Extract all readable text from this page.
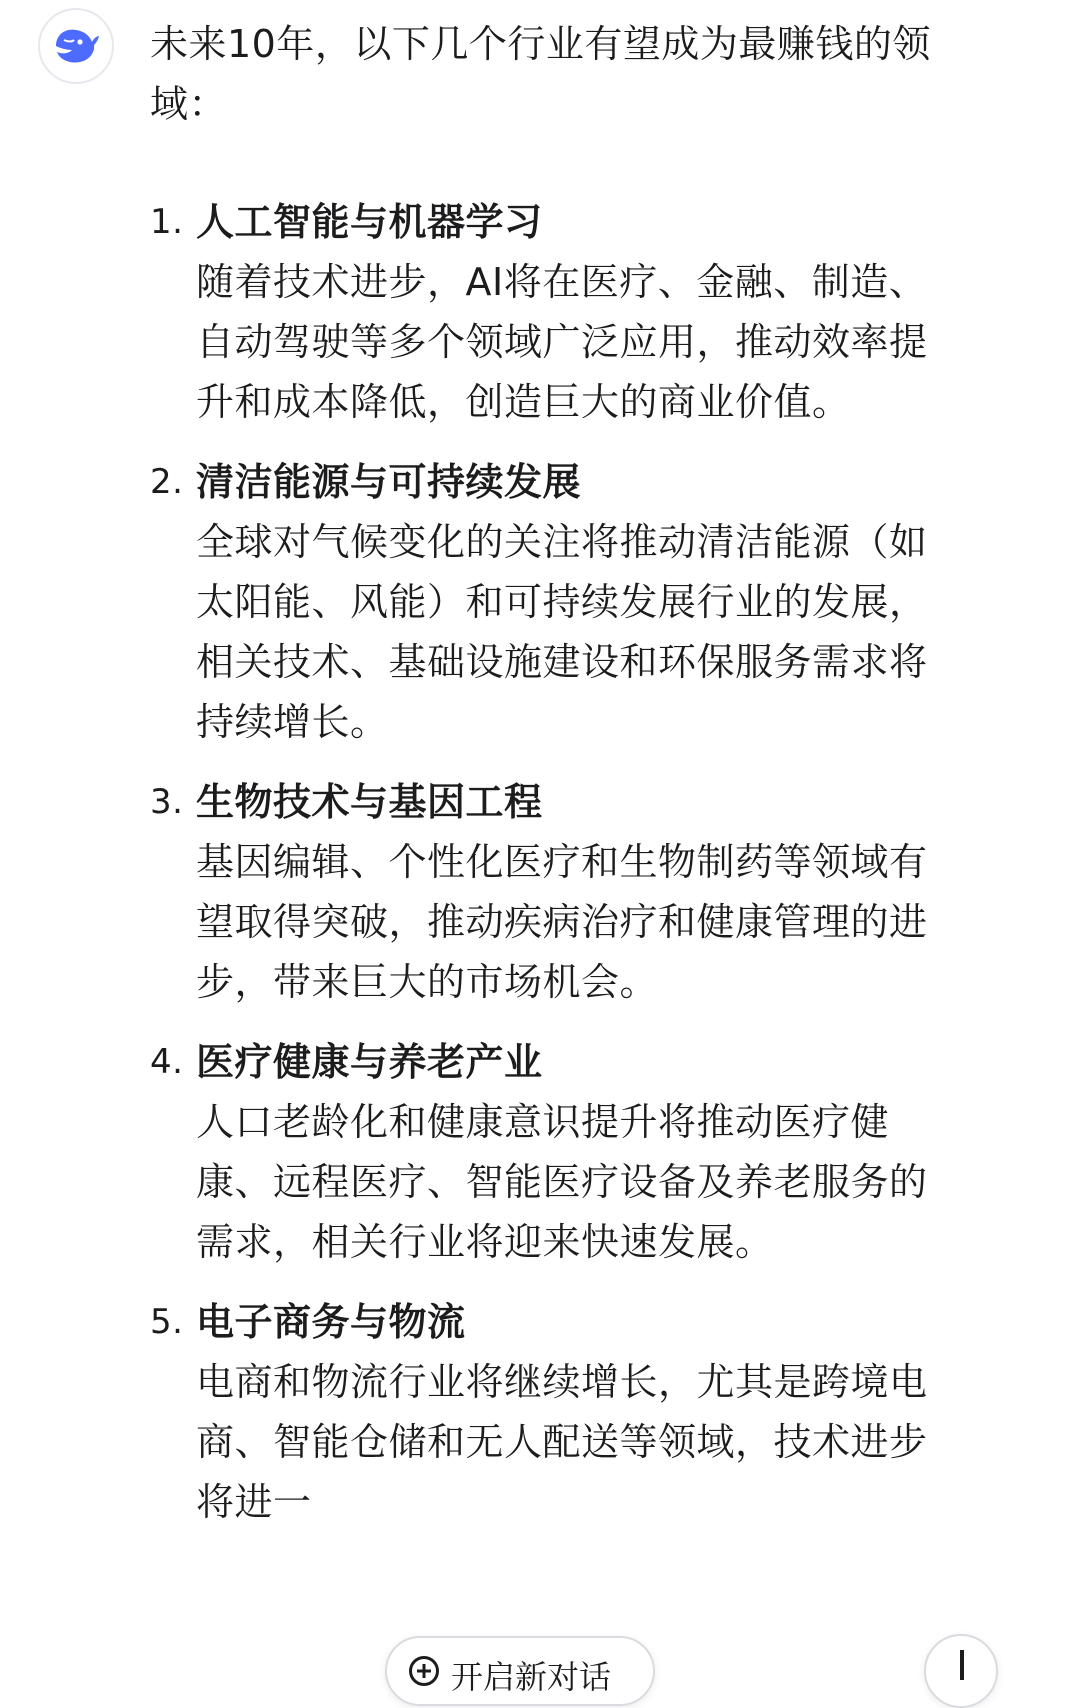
未来10年，以下几个行业有望成为最赚钱的领域：
1. 人工智能与机器学习
随着技术进步，AI将在医疗、金融、制造、自动驾驶等多个领域广泛应用，推动效率提升和成本降低，创造巨大的商业价值。
2. 清洁能源与可持续发展
全球对气候变化的关注将推动清洁能源（如太阳能、风能）和可持续发展行业的发展，相关技术、基础设施建设和环保服务需求将持续增长。
3. 生物技术与基因工程
基因编辑、个性化医疗和生物制药等领域有望取得突破，推动疾病治疗和健康管理的进步，带来巨大的市场机会。
4. 医疗健康与养老产业
人口老龄化和健康意识提升将推动医疗健康、远程医疗、智能医疗设备及养老服务的需求，相关行业将迎来快速发展。
5. 电子商务与物流
电商和物流行业将继续增长，尤其是跨境电商、智能仓储和无人配送等领域，技术进步将进一
开启新对话
